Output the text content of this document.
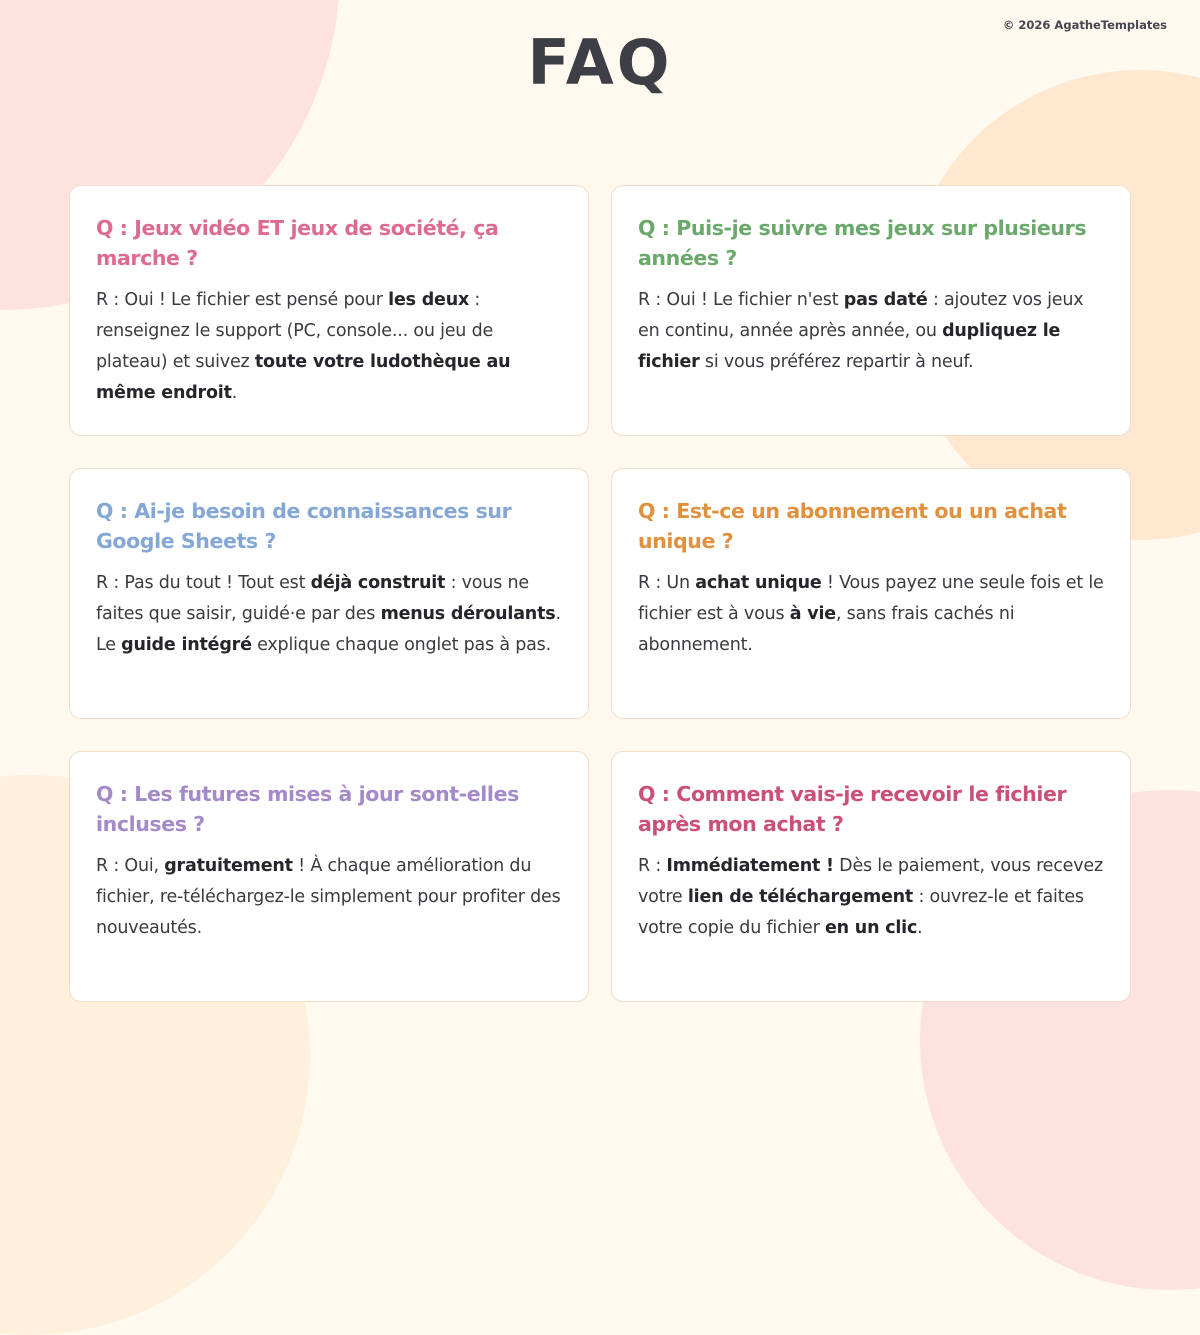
© 2026 AgatheTemplates
FAQ
Q : Jeux vidéo ET jeux de société, ça marche ?

R : Oui ! Le fichier est pensé pour les deux : renseignez le support (PC, console... ou jeu de plateau) et suivez toute votre ludothèque au même endroit.

Q : Puis-je suivre mes jeux sur plusieurs années ?

R : Oui ! Le fichier n'est pas daté : ajoutez vos jeux en continu, année après année, ou dupliquez le fichier si vous préférez repartir à neuf.

Q : Ai-je besoin de connaissances sur Google Sheets ?

R : Pas du tout ! Tout est déjà construit : vous ne faites que saisir, guidé·e par des menus déroulants. Le guide intégré explique chaque onglet pas à pas.

Q : Est-ce un abonnement ou un achat unique ?

R : Un achat unique ! Vous payez une seule fois et le fichier est à vous à vie, sans frais cachés ni abonnement.

Q : Les futures mises à jour sont-elles incluses ?

R : Oui, gratuitement ! À chaque amélioration du fichier, re-téléchargez-le simplement pour profiter des nouveautés.

Q : Comment vais-je recevoir le fichier après mon achat ?

R : Immédiatement ! Dès le paiement, vous recevez votre lien de téléchargement : ouvrez-le et faites votre copie du fichier en un clic.
